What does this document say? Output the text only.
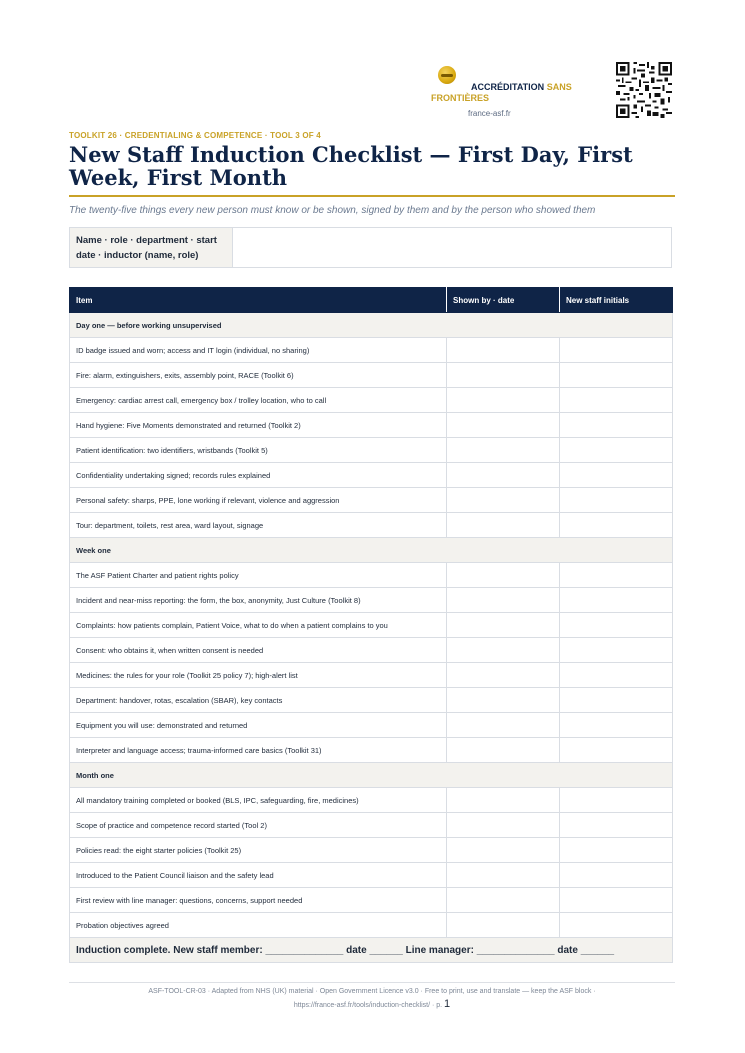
ACCRÉDITATION SANS FRONTIÈRES
france-asf.fr
TOOLKIT 26 · CREDENTIALING & COMPETENCE · TOOL 3 OF 4
New Staff Induction Checklist — First Day, First Week, First Month
The twenty-five things every new person must know or be shown, signed by them and by the person who showed them
Name · role · department · start date · inductor (name, role)
Item	Shown by · date	New staff initials
Day one — before working unsupervised		
ID badge issued and worn; access and IT login (individual, no sharing)		
Fire: alarm, extinguishers, exits, assembly point, RACE (Toolkit 6)		
Emergency: cardiac arrest call, emergency box / trolley location, who to call		
Hand hygiene: Five Moments demonstrated and returned (Toolkit 2)		
Patient identification: two identifiers, wristbands (Toolkit 5)		
Confidentiality undertaking signed; records rules explained		
Personal safety: sharps, PPE, lone working if relevant, violence and aggression		
Tour: department, toilets, rest area, ward layout, signage		
Week one		
The ASF Patient Charter and patient rights policy		
Incident and near-miss reporting: the form, the box, anonymity, Just Culture (Toolkit 8)		
Complaints: how patients complain, Patient Voice, what to do when a patient complains to you		
Consent: who obtains it, when written consent is needed		
Medicines: the rules for your role (Toolkit 25 policy 7); high-alert list		
Department: handover, rotas, escalation (SBAR), key contacts		
Equipment you will use: demonstrated and returned		
Interpreter and language access; trauma-informed care basics (Toolkit 31)		
Month one		
All mandatory training completed or booked (BLS, IPC, safeguarding, fire, medicines)		
Scope of practice and competence record started (Tool 2)		
Policies read: the eight starter policies (Toolkit 25)		
Introduced to the Patient Council liaison and the safety lead		
First review with line manager: questions, concerns, support needed		
Probation objectives agreed		
Induction complete. New staff member: ______________ date ______ Line manager: ______________ date ______		
ASF-TOOL-CR-03 · Adapted from NHS (UK) material · Open Government Licence v3.0 · Free to print, use and translate — keep the ASF block ·
https://france-asf.fr/tools/induction-checklist/ · p. 1
